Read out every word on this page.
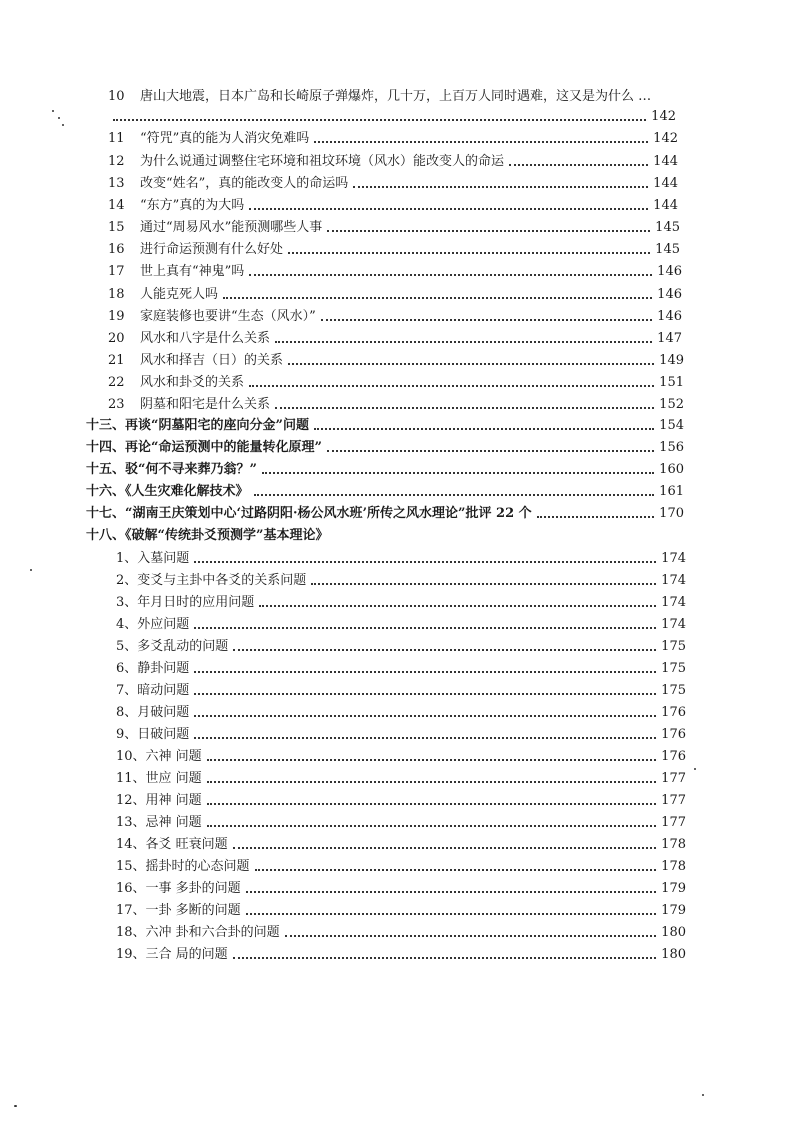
10	唐山大地震，日本广岛和长崎原子弹爆炸，几十万，上百万人同时遇难，这又是为什么 …
142
11	“符咒”真的能为人消灾免难吗	142
12	为什么说通过调整住宅环境和祖坟环境（风水）能改变人的命运	144
13	改变“姓名”，真的能改变人的命运吗	144
14	“东方”真的为大吗	144
15	通过“周易风水”能预测哪些人事	145
16	进行命运预测有什么好处	145
17	世上真有“神鬼”吗	146
18	人能克死人吗	146
19	家庭装修也要讲“生态（风水）”	146
20	风水和八字是什么关系	147
21	风水和择吉（日）的关系	149
22	风水和卦爻的关系	151
23	阴墓和阳宅是什么关系	152
十三、再谈“阴墓阳宅的座向分金”问题	154
十四、再论“命运预测中的能量转化原理”	156
十五、驳“何不寻来葬乃翁？”	160
十六、《人生灾难化解技术》	161
十七、“湖南王庆策划中心‘过路阴阳·杨公风水班’所传之风水理论”批评 22 个	170
十八、《破解“传统卦爻预测学”基本理论》
1、入墓问题	174
2、变爻与主卦中各爻的关系问题	174
3、年月日时的应用问题	174
4、外应问题	174
5、多爻乱动的问题	175
6、静卦问题	175
7、暗动问题	175
8、月破问题	176
9、日破问题	176
10、六神 问题	176
11、世应 问题	177
12、用神 问题	177
13、忌神 问题	177
14、各爻 旺衰问题	178
15、摇卦时的心态问题	178
16、一事 多卦的问题	179
17、一卦 多断的问题	179
18、六冲 卦和六合卦的问题	180
19、三合 局的问题	180
